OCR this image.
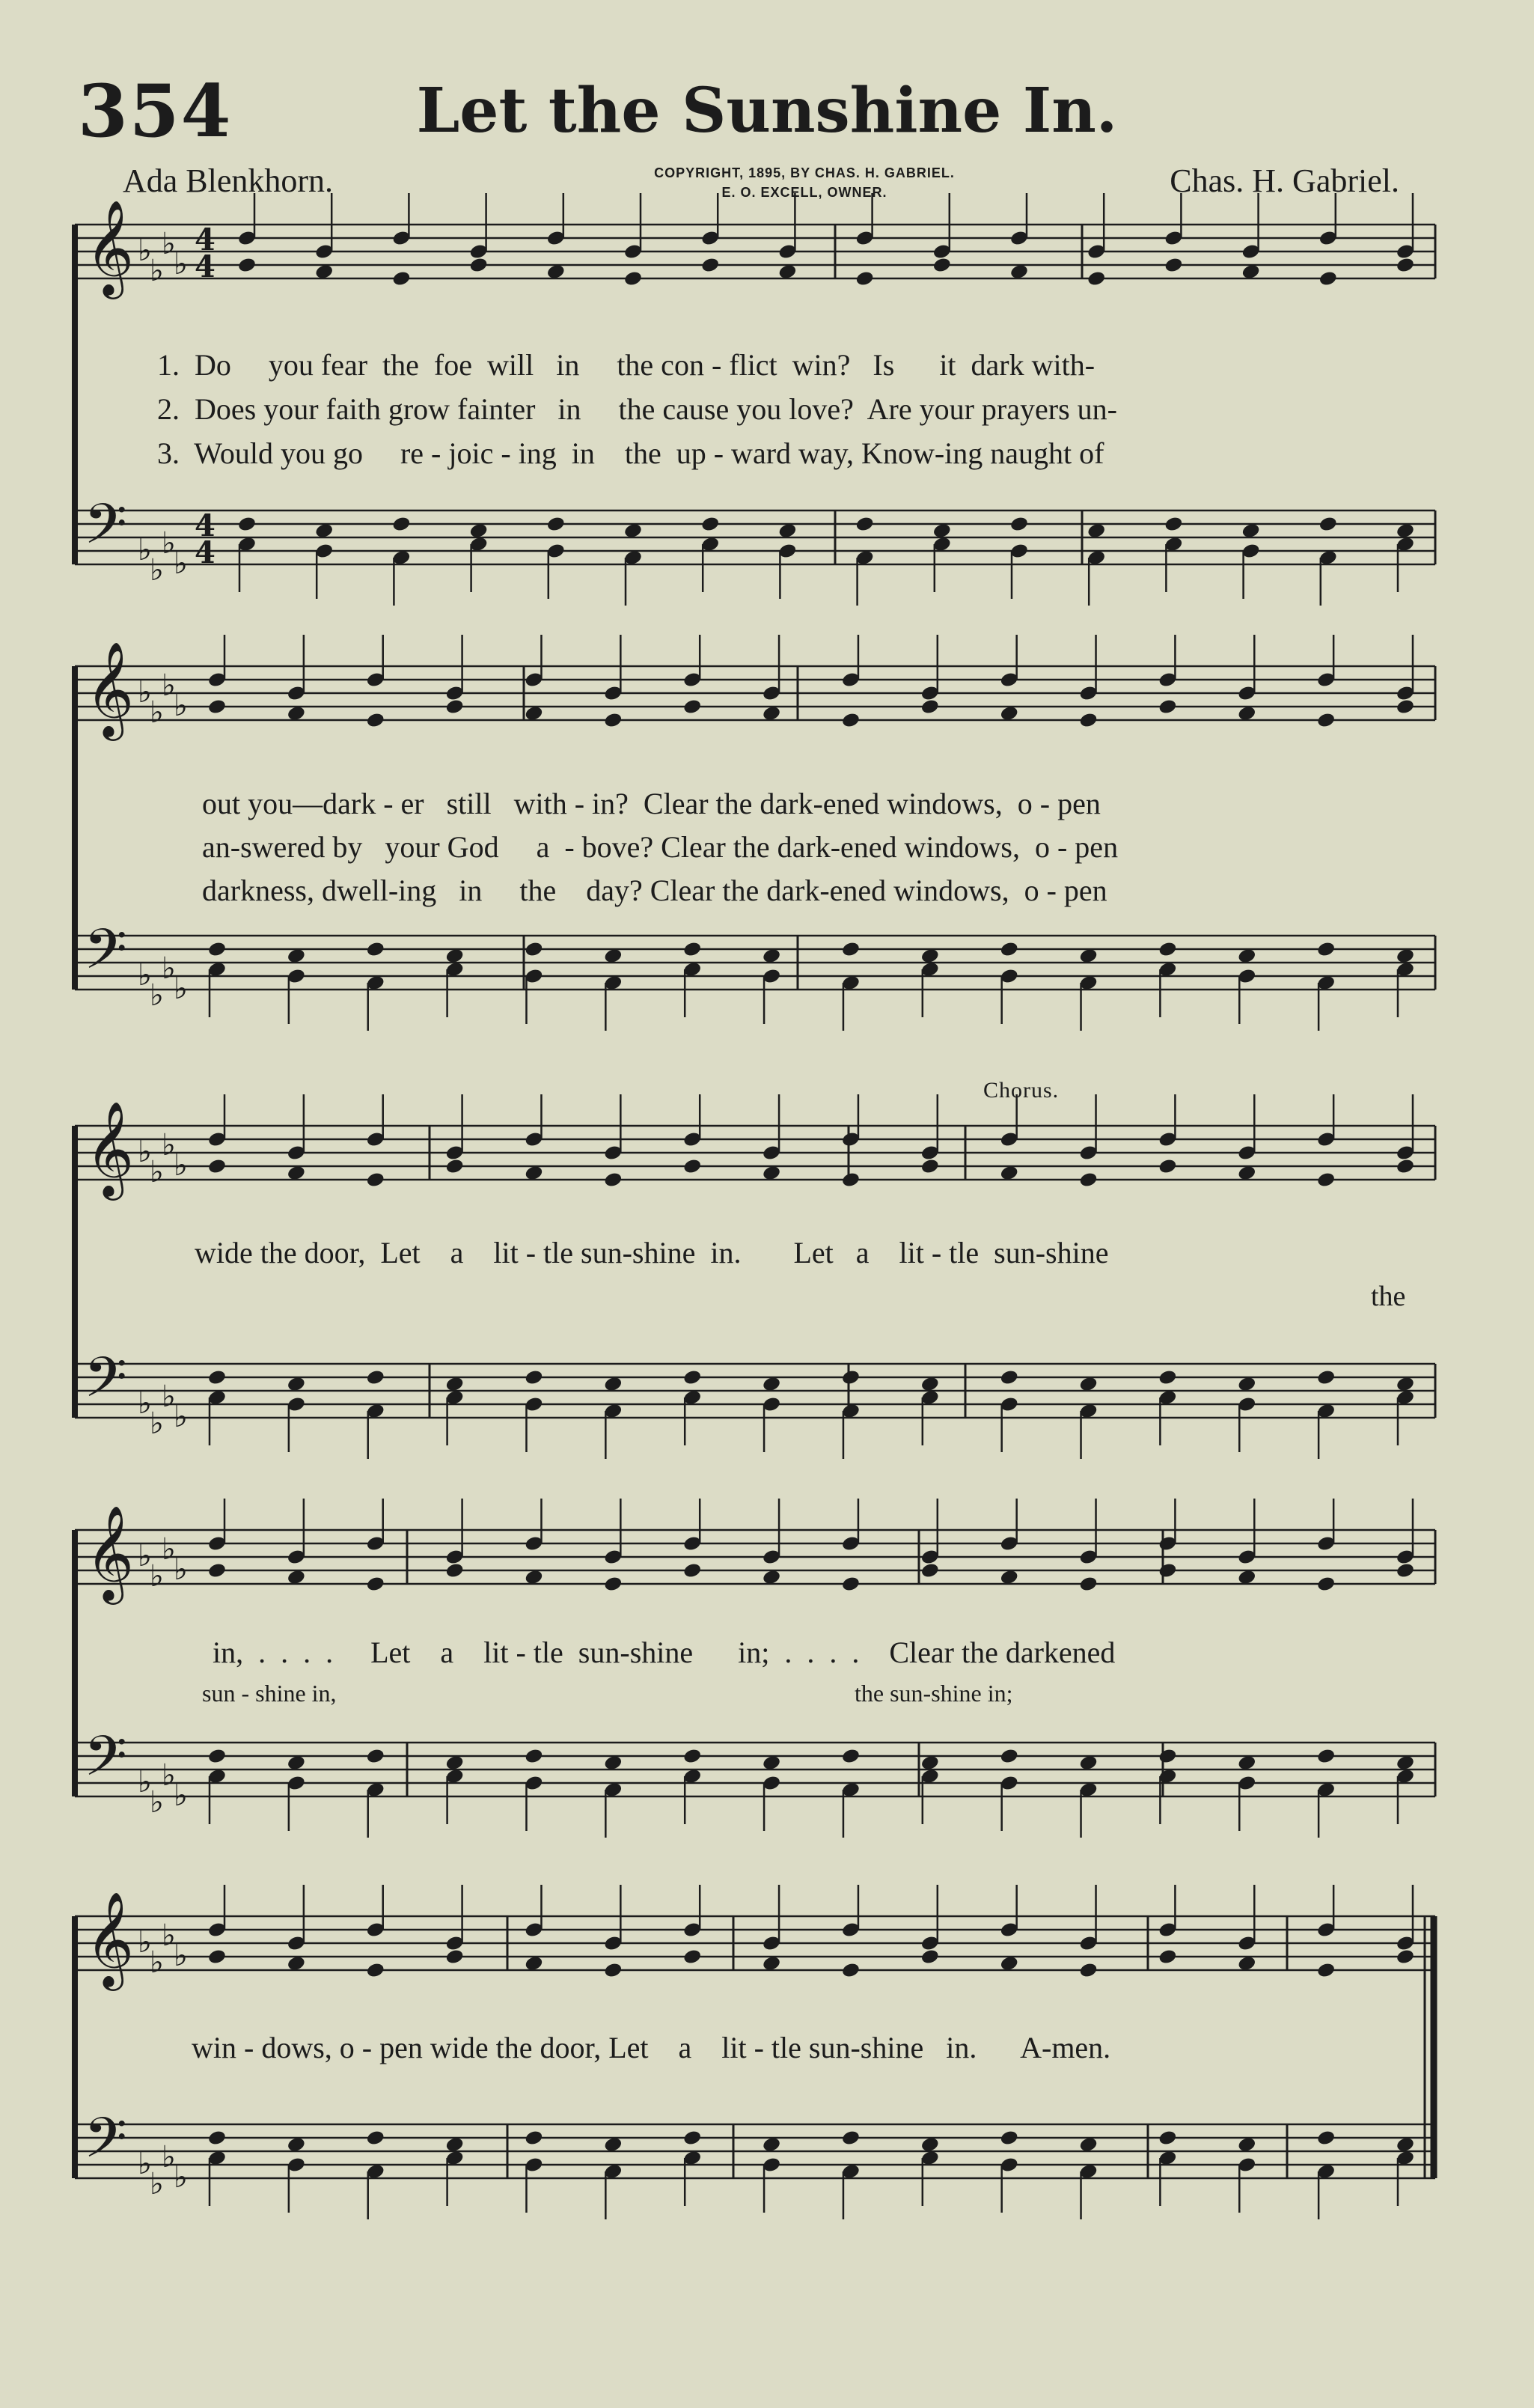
354	Let the Sunshine In.
Ada Blenkhorn.	Chas. H. Gabriel.
COPYRIGHT, 1895, BY CHAS. H. GABRIEL.
E. O. EXCELL, OWNER.
𝄞
𝄢
♭
♭
♭
♭
♭
♭
♭
♭
4
4
4
4
𝄞
𝄢
♭
♭
♭
♭
♭
♭
♭
♭
𝄞
𝄢
♭
♭
♭
♭
♭
♭
♭
♭
𝄞
𝄢
♭
♭
♭
♭
♭
♭
♭
♭
𝄞
𝄢
♭
♭
♭
♭
♭
♭
♭
♭
1.  Do     you fear  the  foe  will   in     the con - flict  win?   Is      it  dark with-
2.  Does your faith grow fainter   in     the cause you love?  Are your prayers un-
3.  Would you go     re - joic - ing  in    the  up - ward way, Know-ing naught of
out you—dark - er   still   with - in?  Clear the dark-ened windows,  o - pen
an-swered by   your God     a  - bove? Clear the dark-ened windows,  o - pen
darkness, dwell-ing   in     the    day? Clear the dark-ened windows,  o - pen
Chorus.
wide the door,  Let    a    lit - tle sun-shine  in.       Let   a    lit - tle  sun-shine
the
in,  .  .  .  .     Let    a    lit - tle  sun-shine      in;  .  .  .  .    Clear the darkened
sun - shine in,	the sun-shine in;
win - dows, o - pen wide the door, Let    a    lit - tle sun-shine   in.      A-men.
